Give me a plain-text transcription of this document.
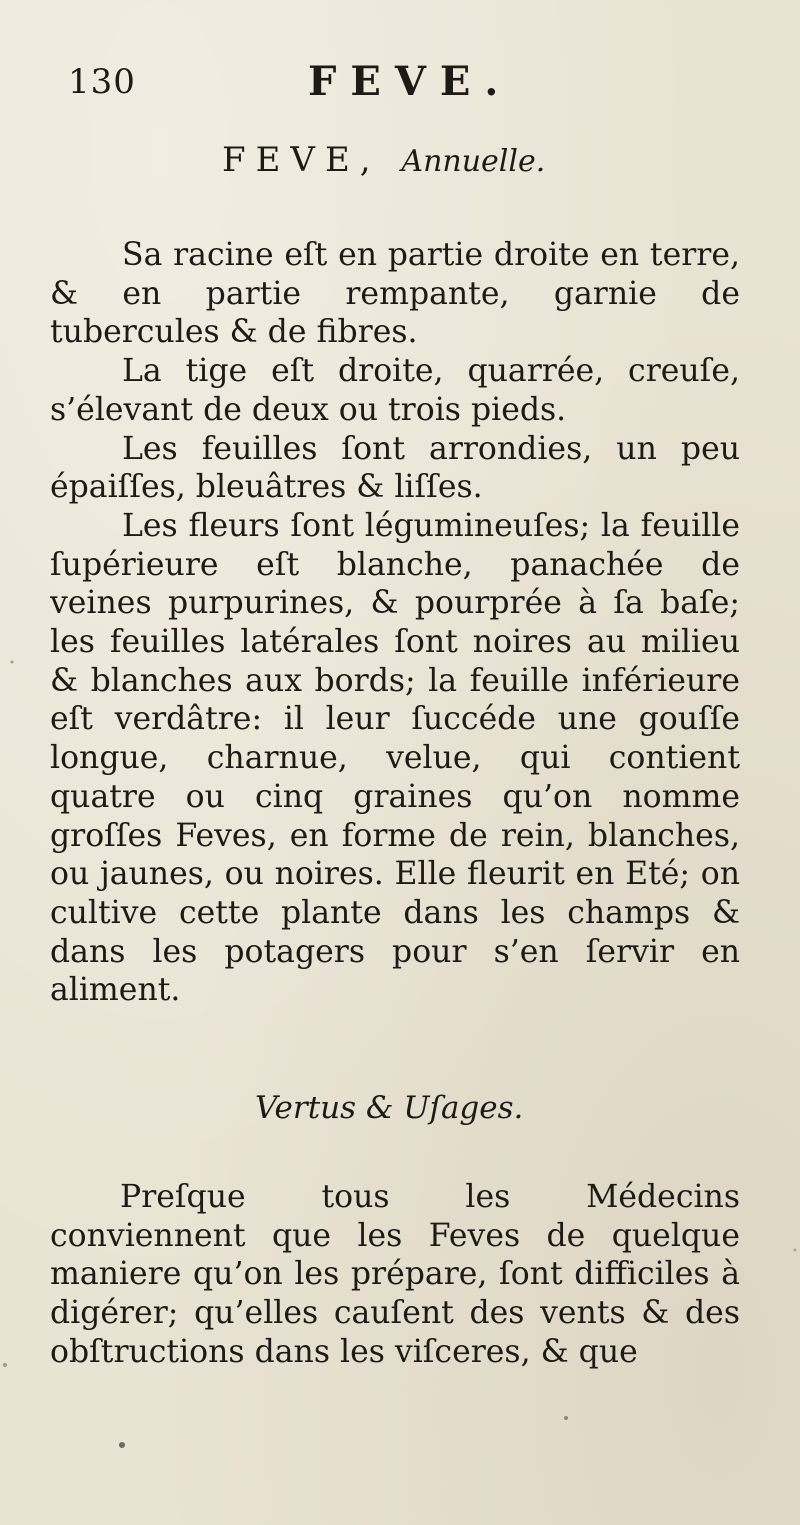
130	FEVE.
FEVE, Annuelle.

Sa racine eſt en partie droite en terre, & en partie rempante, garnie de tubercules & de fibres.

La tige eſt droite, quarrée, creuſe, s’élevant de deux ou trois pieds.

Les feuilles ſont arrondies, un peu épaiſſes, bleuâtres & liſſes.

Les fleurs ſont légumineuſes; la feuille ſupérieure eſt blanche, panachée de veines purpurines, & pourprée à ſa baſe; les feuilles latérales ſont noires au milieu & blanches aux bords; la feuille inférieure eſt verdâtre: il leur ſuccéde une gouſſe longue, charnue, velue, qui contient quatre ou cinq graines qu’on nomme groſſes Feves, en forme de rein, blanches, ou jaunes, ou noires. Elle fleurit en Eté; on cultive cette plante dans les champs & dans les potagers pour s’en ſervir en aliment.

Vertus & Uſages.

Preſque tous les Médecins conviennent que les Feves de quelque maniere qu’on les prépare, ſont difficiles à digérer; qu’elles cauſent des vents & des obſtructions dans les viſceres, & que
